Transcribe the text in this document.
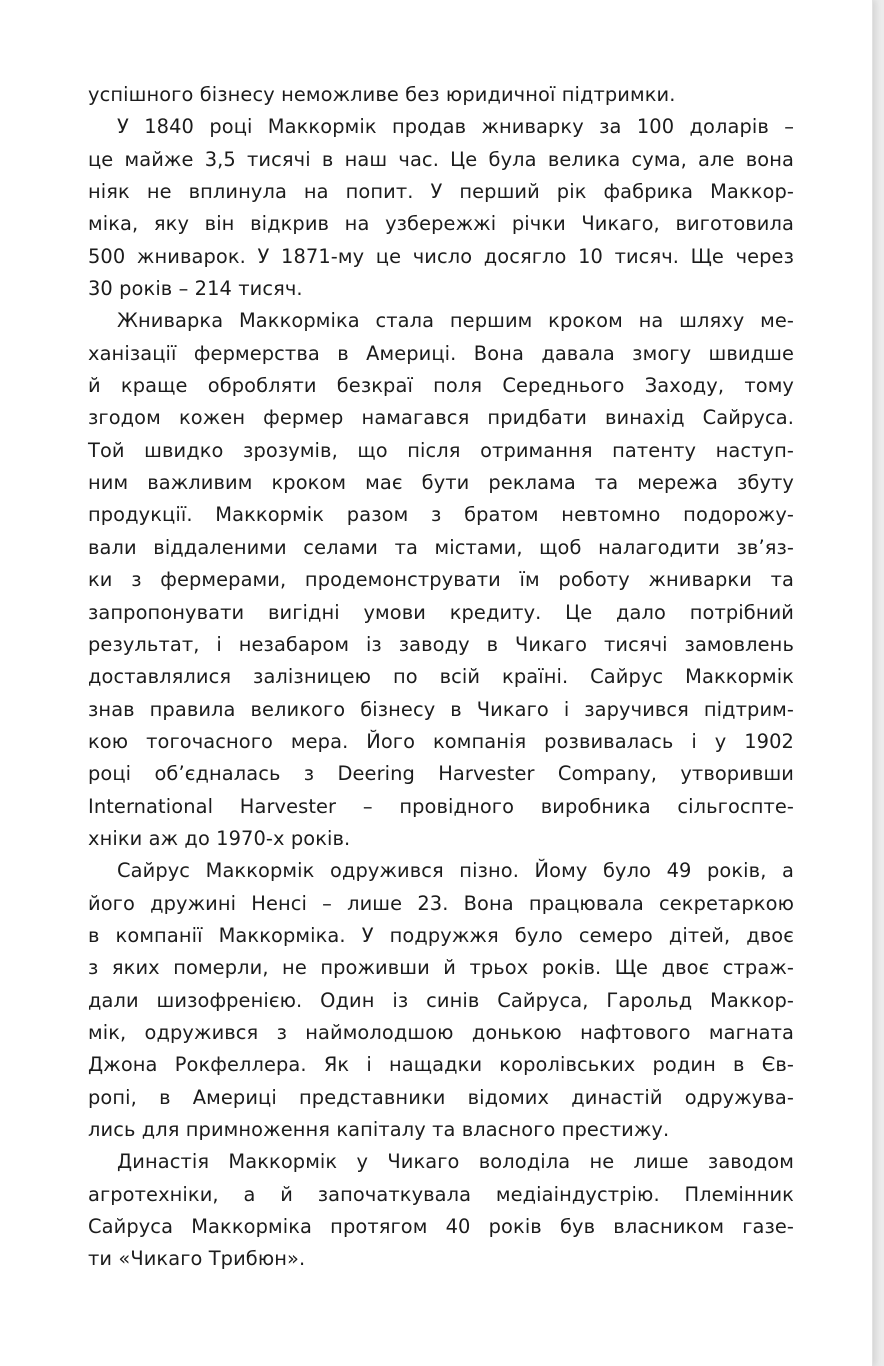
успішного бізнесу неможливе без юридичної підтримки.
У 1840 році Маккормік продав жниварку за 100 доларів –
це майже 3,5 тисячі в наш час. Це була велика сума, але вона
ніяк не вплинула на попит. У перший рік фабрика Маккор-
міка, яку він відкрив на узбережжі річки Чикаго, виготовила
500 жниварок. У 1871-му це число досягло 10 тисяч. Ще через
30 років – 214 тисяч.
Жниварка Маккорміка стала першим кроком на шляху ме-
ханізації фермерства в Америці. Вона давала змогу швидше
й краще обробляти безкраї поля Середнього Заходу, тому
згодом кожен фермер намагався придбати винахід Сайруса.
Той швидко зрозумів, що після отримання патенту наступ-
ним важливим кроком має бути реклама та мережа збуту
продукції. Маккормік разом з братом невтомно подорожу-
вали віддаленими селами та містами, щоб налагодити зв’яз-
ки з фермерами, продемонструвати їм роботу жниварки та
запропонувати вигідні умови кредиту. Це дало потрібний
результат, і незабаром із заводу в Чикаго тисячі замовлень
доставлялися залізницею по всій країні. Сайрус Маккормік
знав правила великого бізнесу в Чикаго і заручився підтрим-
кою тогочасного мера. Його компанія розвивалась і у 1902
році об’єдналась з Deering Harvester Company, утворивши
International Harvester – провідного виробника сільгоспте-
хніки аж до 1970-х років.
Сайрус Маккормік одружився пізно. Йому було 49 років, а
його дружині Ненсі – лише 23. Вона працювала секретаркою
в компанії Маккорміка. У подружжя було семеро дітей, двоє
з яких померли, не проживши й трьох років. Ще двоє страж-
дали шизофренією. Один із синів Сайруса, Гарольд Маккор-
мік, одружився з наймолодшою донькою нафтового магната
Джона Рокфеллера. Як і нащадки королівських родин в Єв-
ропі, в Америці представники відомих династій одружува-
лись для примноження капіталу та власного престижу.
Династія Маккормік у Чикаго володіла не лише заводом
агротехніки, а й започаткувала медіаіндустрію. Племінник
Сайруса Маккорміка протягом 40 років був власником газе-
ти «Чикаго Трибюн».
